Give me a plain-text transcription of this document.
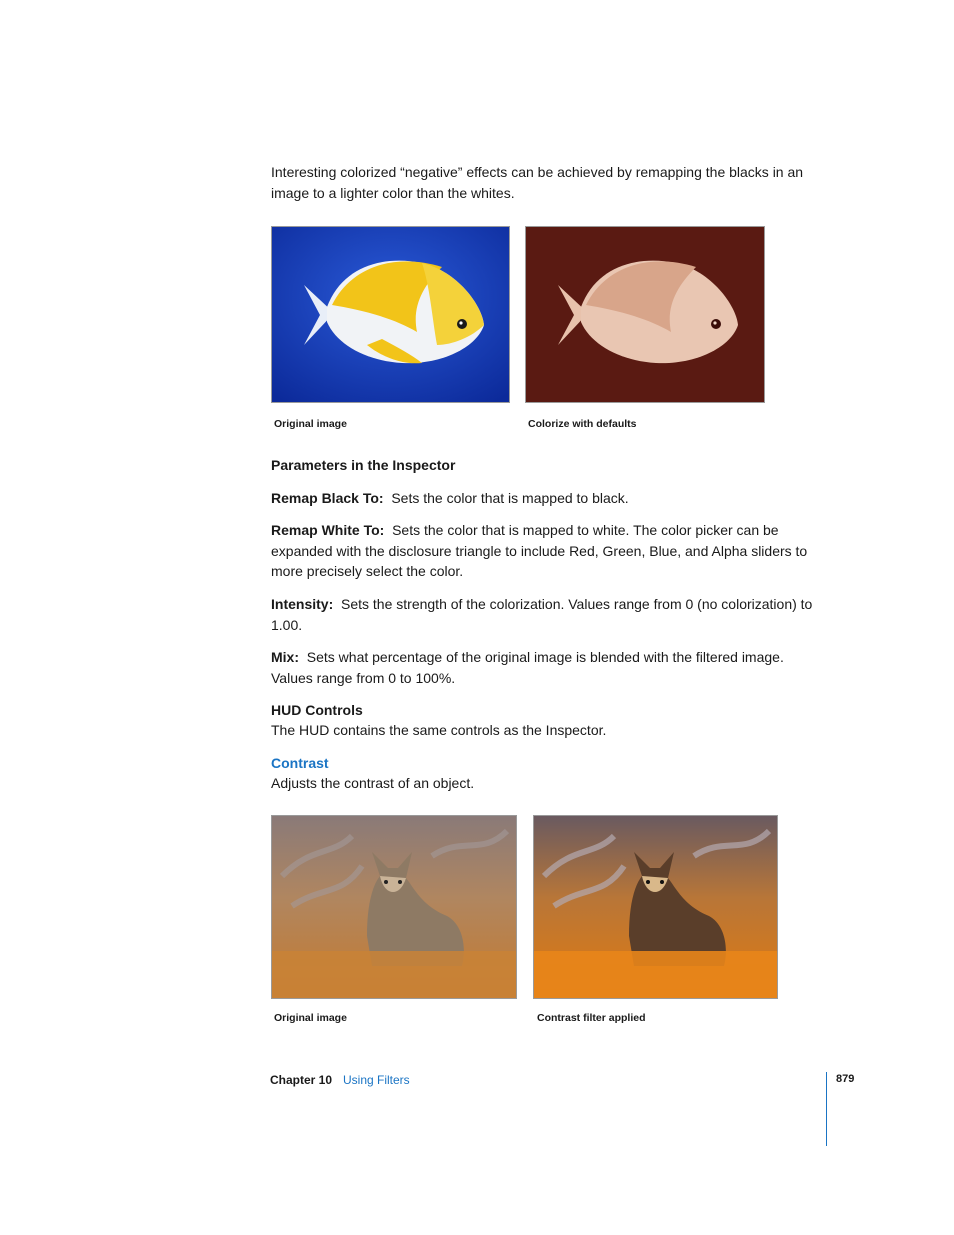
Interesting colorized “negative” effects can be achieved by remapping the blacks in an image to a lighter color than the whites.

Original image	Colorize with defaults

Parameters in the Inspector

Remap Black To: Sets the color that is mapped to black.

Remap White To: Sets the color that is mapped to white. The color picker can be expanded with the disclosure triangle to include Red, Green, Blue, and Alpha sliders to more precisely select the color.

Intensity: Sets the strength of the colorization. Values range from 0 (no colorization) to 1.00.

Mix: Sets what percentage of the original image is blended with the filtered image. Values range from 0 to 100%.

HUD Controls

The HUD contains the same controls as the Inspector.

Contrast

Adjusts the contrast of an object.

Original image	Contrast filter applied

Chapter 10 Using Filters	879
